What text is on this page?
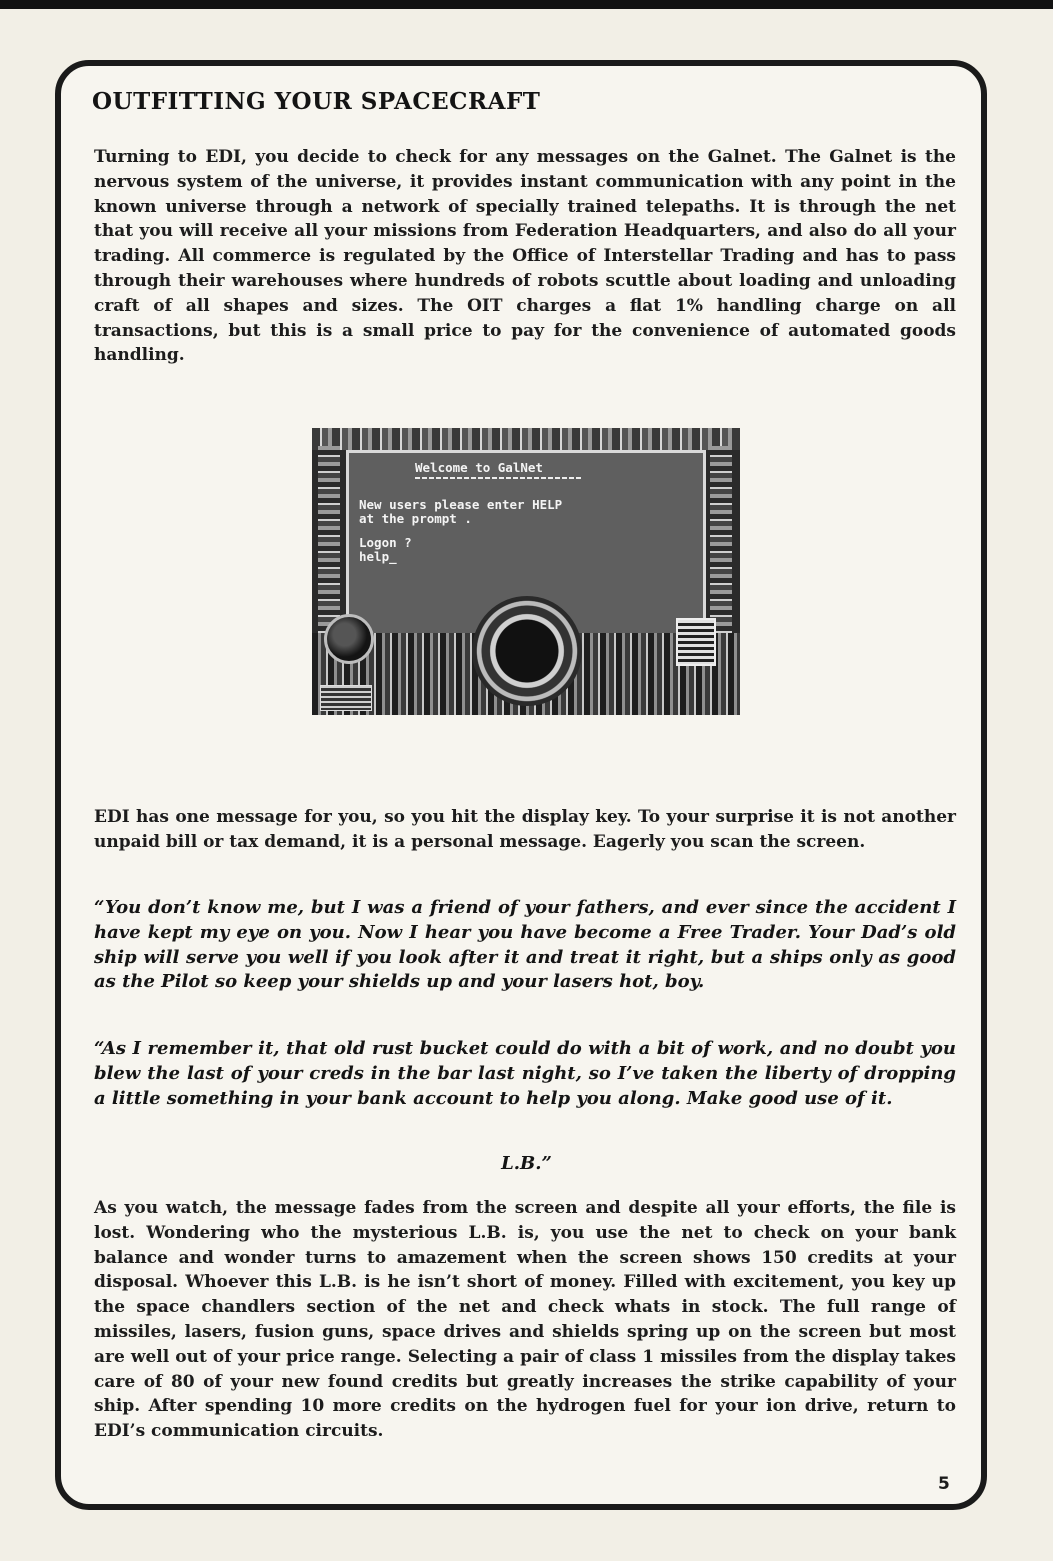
OUTFITTING YOUR SPACECRAFT

Turning to EDI, you decide to check for any messages on the Galnet. The Galnet is the nervous system of the universe, it provides instant communication with any point in the known universe through a network of specially trained telepaths. It is through the net that you will receive all your missions from Federation Headquarters, and also do all your trading. All commerce is regulated by the Office of Interstellar Trading and has to pass through their warehouses where hundreds of robots scuttle about loading and unloading craft of all shapes and sizes. The OIT charges a flat 1% handling charge on all transactions, but this is a small price to pay for the convenience of automated goods handling.

Welcome to GalNet
New users please enter HELP
at the prompt .
Logon ?
help_

EDI has one message for you, so you hit the display key. To your surprise it is not another unpaid bill or tax demand, it is a personal message. Eagerly you scan the screen.

“You don’t know me, but I was a friend of your fathers, and ever since the accident I have kept my eye on you. Now I hear you have become a Free Trader. Your Dad’s old ship will serve you well if you look after it and treat it right, but a ships only as good as the Pilot so keep your shields up and your lasers hot, boy.

“As I remember it, that old rust bucket could do with a bit of work, and no doubt you blew the last of your creds in the bar last night, so I’ve taken the liberty of dropping a little something in your bank account to help you along. Make good use of it.

L.B.”

As you watch, the message fades from the screen and despite all your efforts, the file is lost. Wondering who the mysterious L.B. is, you use the net to check on your bank balance and wonder turns to amazement when the screen shows 150 credits at your disposal. Whoever this L.B. is he isn’t short of money. Filled with excitement, you key up the space chandlers section of the net and check whats in stock. The full range of missiles, lasers, fusion guns, space drives and shields spring up on the screen but most are well out of your price range. Selecting a pair of class 1 missiles from the display takes care of 80 of your new found credits but greatly increases the strike capability of your ship. After spending 10 more credits on the hydrogen fuel for your ion drive, return to EDI’s communication circuits.

5
